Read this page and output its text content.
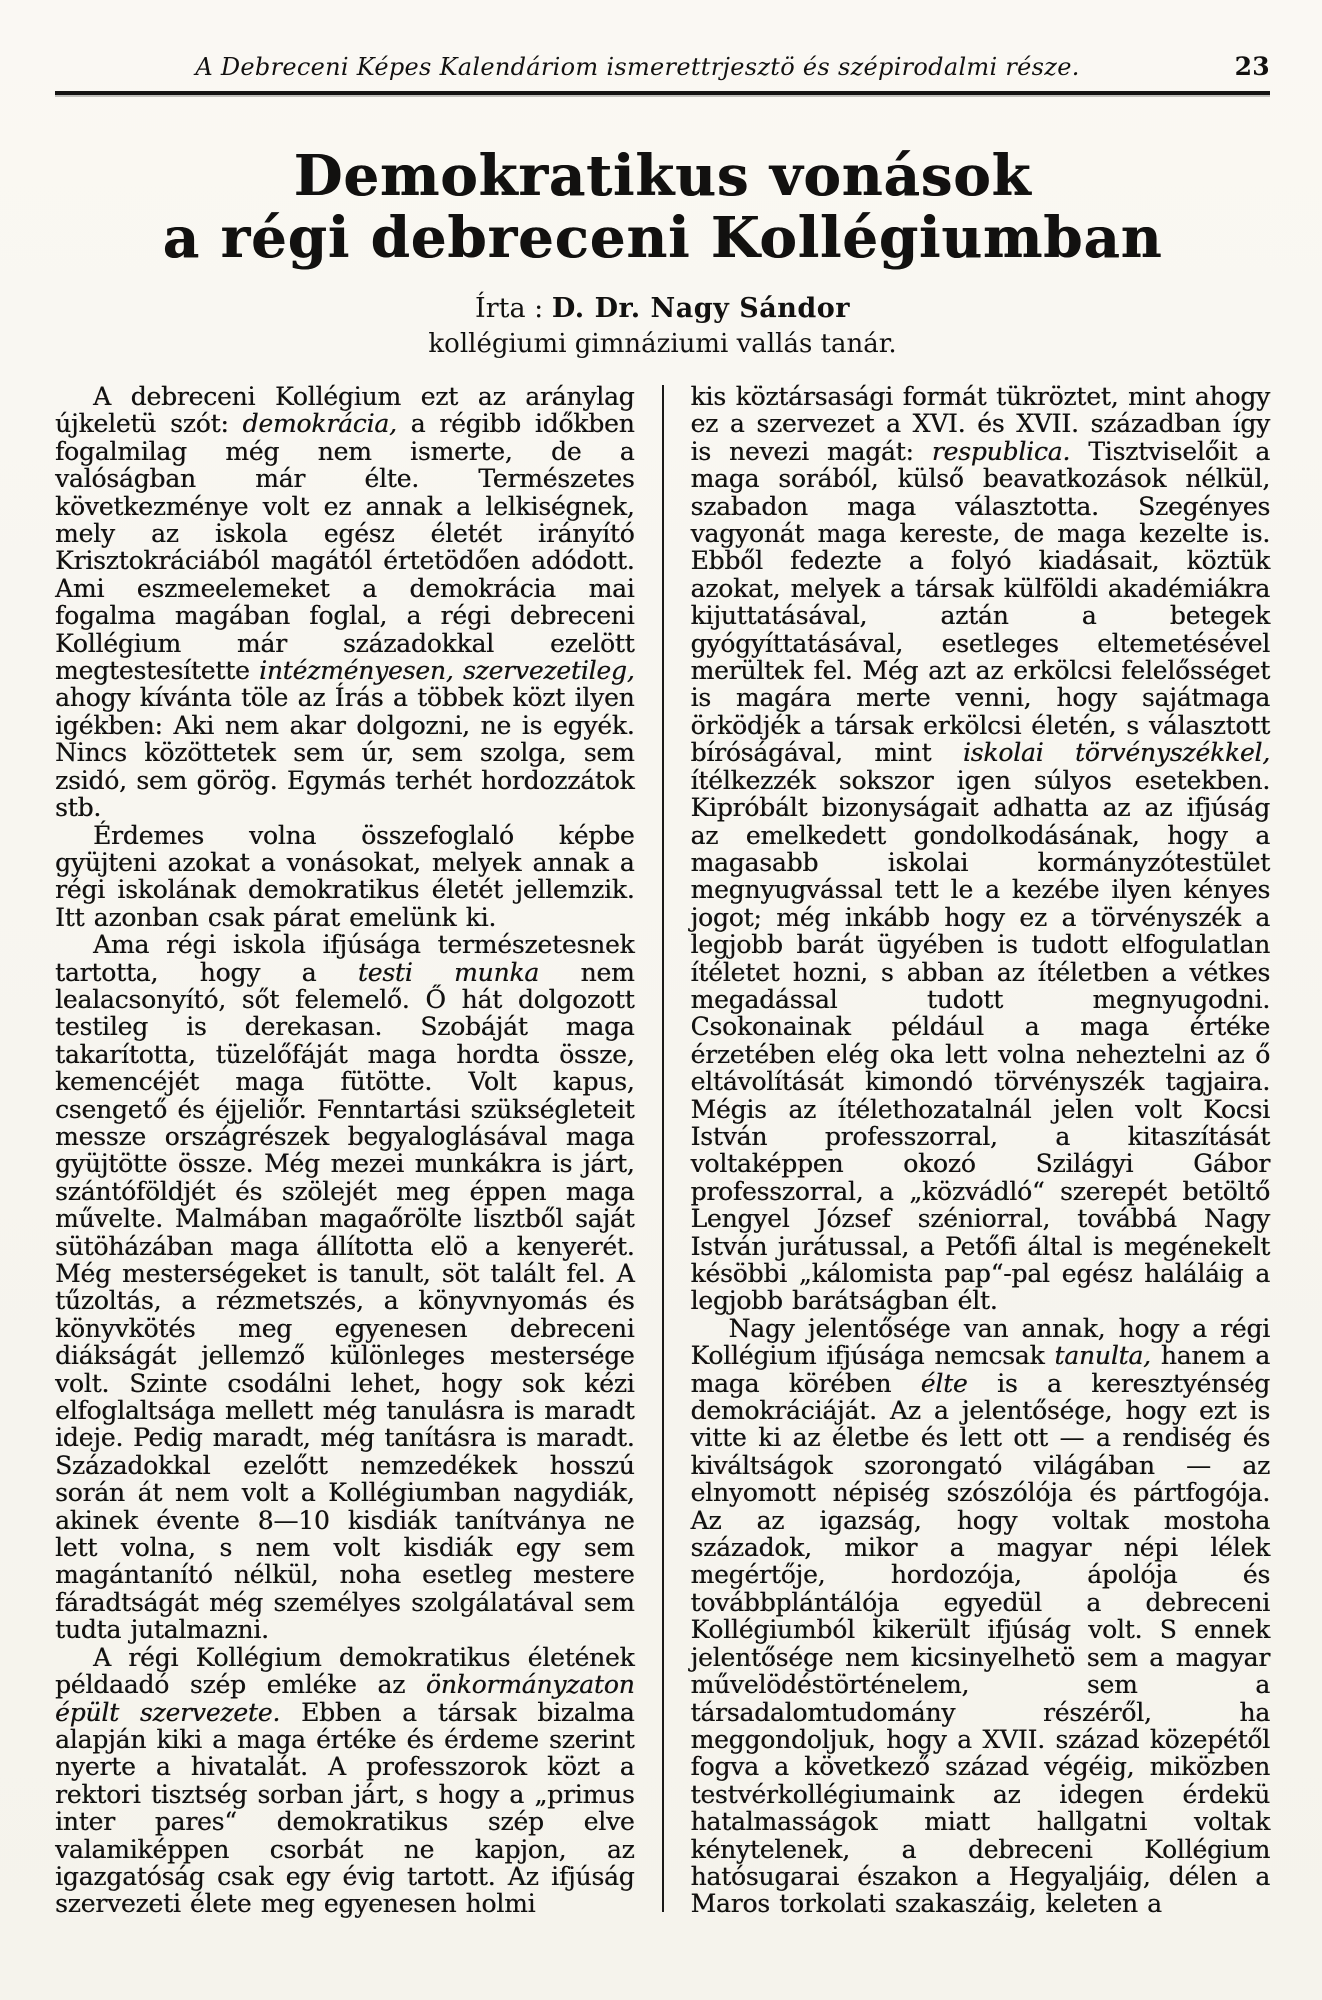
A Debreceni Képes Kalendáriom ismerettrjesztö és szépirodalmi része.	23
Demokratikus vonások
a régi debreceni Kollégiumban
Írta : D. Dr. Nagy Sándor
kollégiumi gimnáziumi vallás tanár.

A debreceni Kollégium ezt az aránylag újkeletü szót: demokrácia, a régibb időkben fogalmilag még nem ismerte, de a valóságban már élte. Természetes következménye volt ez annak a lelkiségnek, mely az iskola egész életét irányító Krisztokráciából magától értetödően adódott. Ami eszmeelemeket a demokrácia mai fogalma magában foglal, a régi debreceni Kollégium már századokkal ezelött megtestesítette intézményesen, szervezetileg, ahogy kívánta töle az Írás a többek közt ilyen igékben: Aki nem akar dolgozni, ne is egyék. Nincs közöttetek sem úr, sem szolga, sem zsidó, sem görög. Egymás terhét hordozzátok stb.

Érdemes volna összefoglaló képbe gyüjteni azokat a vonásokat, melyek annak a régi iskolának demokratikus életét jellemzik. Itt azonban csak párat emelünk ki.

Ama régi iskola ifjúsága természetesnek tartotta, hogy a testi munka nem lealacsonyító, sőt felemelő. Ő hát dolgozott testileg is derekasan. Szobáját maga takarította, tüzelőfáját maga hordta össze, kemencéjét maga fütötte. Volt kapus, csengető és éjjeliőr. Fenntartási szükségleteit messze országrészek begyaloglásával maga gyüjtötte össze. Még mezei munkákra is járt, szántóföldjét és szölejét meg éppen maga művelte. Malmában magaőrölte lisztből saját sütöházában maga állította elö a kenyerét. Még mesterségeket is tanult, söt talált fel. A tűzoltás, a rézmetszés, a könyvnyomás és könyvkötés meg egyenesen debreceni diákságát jellemző különleges mestersége volt. Szinte csodálni lehet, hogy sok kézi elfoglaltsága mellett még tanulásra is maradt ideje. Pedig maradt, még tanításra is maradt. Századokkal ezelőtt nemzedékek hosszú során át nem volt a Kollégiumban nagydiák, akinek évente 8—10 kisdiák tanítványa ne lett volna, s nem volt kisdiák egy sem magántanító nélkül, noha esetleg mestere fáradtságát még személyes szolgálatával sem tudta jutalmazni.

A régi Kollégium demokratikus életének példaadó szép emléke az önkormányzaton épült szervezete. Ebben a társak bizalma alapján kiki a maga értéke és érdeme szerint nyerte a hivatalát. A professzorok közt a rektori tisztség sorban járt, s hogy a „primus inter pares“ demokratikus szép elve valamiképpen csorbát ne kapjon, az igazgatóság csak egy évig tartott. Az ifjúság szervezeti élete meg egyenesen holmi

kis köztársasági formát tükröztet, mint ahogy ez a szervezet a XVI. és XVII. században így is nevezi magát: respublica. Tisztviselőit a maga sorából, külső beavatkozások nélkül, szabadon maga választotta. Szegényes vagyonát maga kereste, de maga kezelte is. Ebből fedezte a folyó kiadásait, köztük azokat, melyek a társak külföldi akadémiákra kijuttatásával, aztán a betegek gyógyíttatásával, esetleges eltemetésével merültek fel. Még azt az erkölcsi felelősséget is magára merte venni, hogy sajátmaga örködjék a társak erkölcsi életén, s választott bíróságával, mint iskolai törvényszékkel, ítélkezzék sokszor igen súlyos esetekben. Kipróbált bizonyságait adhatta az az ifjúság az emelkedett gondolkodásának, hogy a magasabb iskolai kormányzótestület megnyugvással tett le a kezébe ilyen kényes jogot; még inkább hogy ez a törvényszék a legjobb barát ügyében is tudott elfogulatlan ítéletet hozni, s abban az ítéletben a vétkes megadással tudott megnyugodni. Csokonainak például a maga értéke érzetében elég oka lett volna neheztelni az ő eltávolítását kimondó törvényszék tagjaira. Mégis az ítélethozatalnál jelen volt Kocsi István professzorral, a kitaszítását voltaképpen okozó Szilágyi Gábor professzorral, a „közvádló“ szerepét betöltő Lengyel József széniorral, továbbá Nagy István jurátussal, a Petőfi által is megénekelt késöbbi „kálomista pap“-pal egész haláláig a legjobb barátságban élt.

Nagy jelentősége van annak, hogy a régi Kollégium ifjúsága nemcsak tanulta, hanem a maga körében élte is a keresztyénség demokráciáját. Az a jelentősége, hogy ezt is vitte ki az életbe és lett ott — a rendiség és kiváltságok szorongató világában — az elnyomott népiség szószólója és pártfogója. Az az igazság, hogy voltak mostoha századok, mikor a magyar népi lélek megértője, hordozója, ápolója és továbbplántálója egyedül a debreceni Kollégiumból kikerült ifjúság volt. S ennek jelentősége nem kicsinyelhetö sem a magyar művelödéstörténelem, sem a társadalomtudomány részéről, ha meggondoljuk, hogy a XVII. század közepétől fogva a következő század végéig, miközben testvérkollégiumaink az idegen érdekü hatalmasságok miatt hallgatni voltak kénytelenek, a debreceni Kollégium hatósugarai északon a Hegyaljáig, délen a Maros torkolati szakaszáig, keleten a
